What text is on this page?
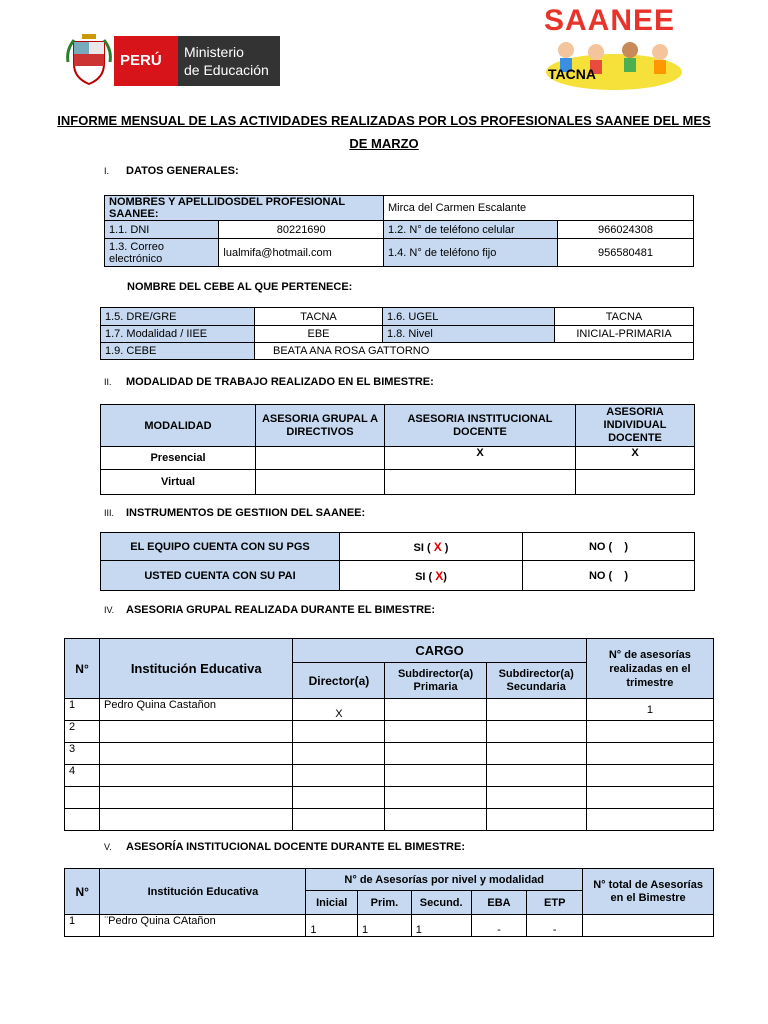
PERÚ Ministerio
de Educación
SAANEE
TACNA
INFORME MENSUAL DE LAS ACTIVIDADES REALIZADAS POR LOS PROFESIONALES SAANEE DEL MES
DE MARZO
I. DATOS GENERALES:
NOMBRES Y APELLIDOSDEL PROFESIONAL SAANEE:		Mirca del Carmen Escalante	
1.1. DNI	80221690	1.2. N° de teléfono celular	966024308
1.3. Correo electrónico	lualmifa@hotmail.com	1.4. N° de teléfono fijo	956580481
NOMBRE DEL CEBE AL QUE PERTENECE:
1.5. DRE/GRE	TACNA	1.6. UGEL	TACNA
1.7. Modalidad / IIEE	EBE	1.8. Nivel	INICIAL-PRIMARIA
1.9. CEBE	BEATA ANA ROSA GATTORNO		
II. MODALIDAD DE TRABAJO REALIZADO EN EL BIMESTRE:
MODALIDAD	ASESORIA GRUPAL A DIRECTIVOS	ASESORIA INSTITUCIONAL DOCENTE	ASESORIA INDIVIDUAL DOCENTE
Presencial		X	X
Virtual			
III. INSTRUMENTOS DE GESTIION DEL SAANEE:
EL EQUIPO CUENTA CON SU PGS	SI ( X )	NO (    )
USTED CUENTA CON SU PAI	SI ( X)	NO (    )
IV. ASESORIA GRUPAL REALIZADA DURANTE EL BIMESTRE:
N°	Institución Educativa	CARGO			N° de asesorías realizadas en el trimestre
		Director(a)	Subdirector(a) Primaria	Subdirector(a) Secundaria	
1	Pedro Quina Castañon	X			1
2					
3					
4					

V. ASESORÍA INSTITUCIONAL DOCENTE DURANTE EL BIMESTRE:
N°	Institución Educativa	N° de Asesorías por nivel y modalidad					N° total de Asesorías en el Bimestre
		Inicial	Prim.	Secund.	EBA	ETP	
1	¨Pedro Quina CAtañon	1	1	1	-	-	
